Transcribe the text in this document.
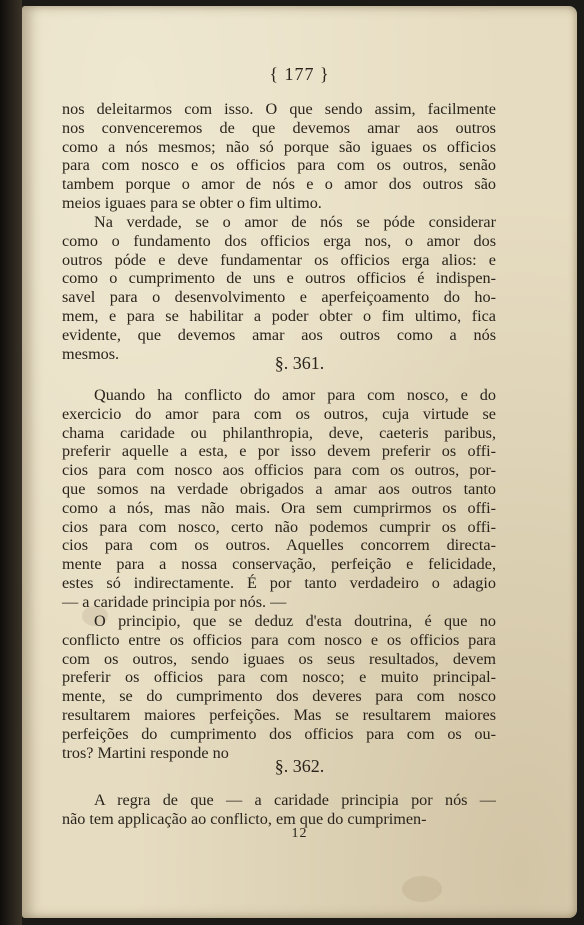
{ 177 }
nos deleitarmos com isso. O que sendo assim, facilmente
nos convenceremos de que devemos amar aos outros
como a nós mesmos; não só porque são iguaes os officios
para com nosco e os officios para com os outros, senão
tambem porque o amor de nós e o amor dos outros são
meios iguaes para se obter o fim ultimo.
Na verdade, se o amor de nós se póde considerar
como o fundamento dos officios erga nos, o amor dos
outros póde e deve fundamentar os officios erga alios: e
como o cumprimento de uns e outros officios é indispen-
savel para o desenvolvimento e aperfeiçoamento do ho-
mem, e para se habilitar a poder obter o fim ultimo, fica
evidente, que devemos amar aos outros como a nós
mesmos.	§. 361.
Quando ha conflicto do amor para com nosco, e do
exercicio do amor para com os outros, cuja virtude se
chama caridade ou philanthropia, deve, caeteris paribus,
preferir aquelle a esta, e por isso devem preferir os offi-
cios para com nosco aos officios para com os outros, por-
que somos na verdade obrigados a amar aos outros tanto
como a nós, mas não mais. Ora sem cumprirmos os offi-
cios para com nosco, certo não podemos cumprir os offi-
cios para com os outros. Aquelles concorrem directa-
mente para a nossa conservação, perfeição e felicidade,
estes só indirectamente. É por tanto verdadeiro o adagio
— a caridade principia por nós. —
O principio, que se deduz d'esta doutrina, é que no
conflicto entre os officios para com nosco e os officios para
com os outros, sendo iguaes os seus resultados, devem
preferir os officios para com nosco; e muito principal-
mente, se do cumprimento dos deveres para com nosco
resultarem maiores perfeições. Mas se resultarem maiores
perfeições do cumprimento dos officios para com os ou-
tros? Martini responde no
§. 362.
A regra de que — a caridade principia por nós —
não tem applicação ao conflicto, em que do cumprimen-
12
